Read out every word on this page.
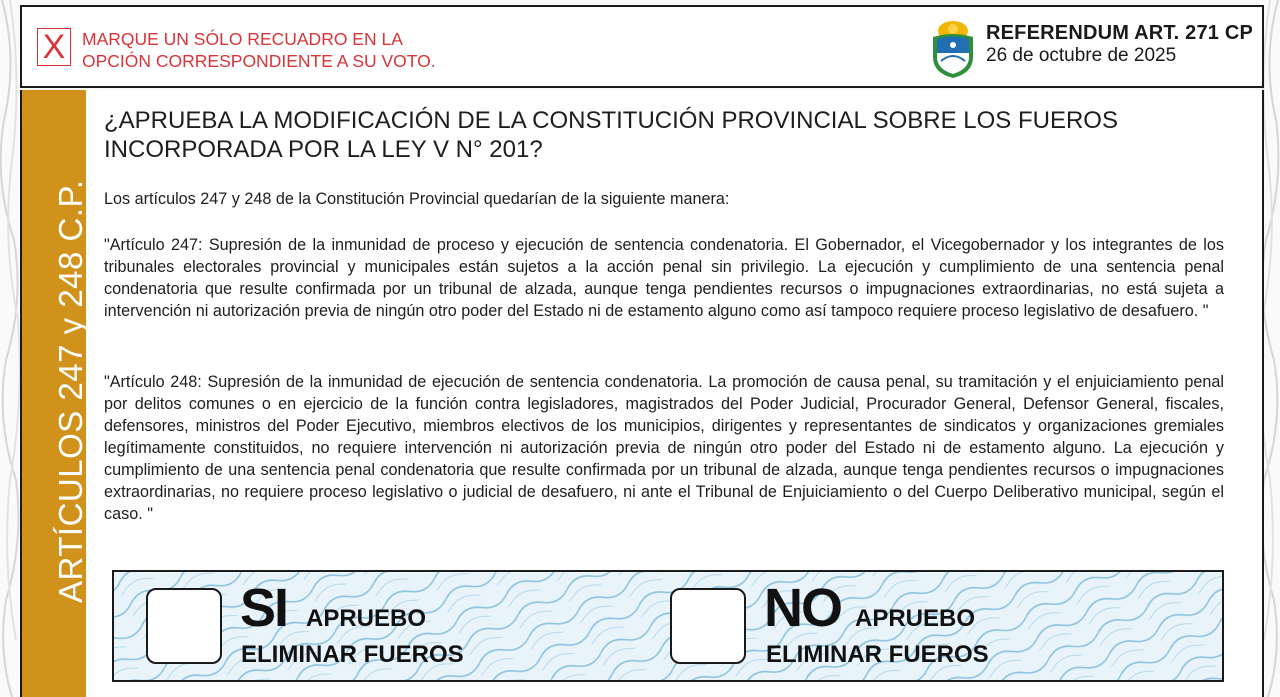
X MARQUE UN SÓLO RECUADRO EN LA
OPCIÓN CORRESPONDIENTE A SU VOTO.
REFERENDUM ART. 271 CP
26 de octubre de 2025
ARTÍCULOS 247 y 248 C.P.
¿APRUEBA LA MODIFICACIÓN DE LA CONSTITUCIÓN PROVINCIAL SOBRE LOS FUEROS
INCORPORADA POR LA LEY V N° 201?
Los artículos 247 y 248 de la Constitución Provincial quedarían de la siguiente manera:
"Artículo 247: Supresión de la inmunidad de proceso y ejecución de sentencia condenatoria. El Gobernador, el Vicegobernador y los integrantes de los tribunales electorales provincial y municipales están sujetos a la acción penal sin privilegio. La ejecución y cumplimiento de una sentencia penal condenatoria que resulte confirmada por un tribunal de alzada, aunque tenga pendientes recursos o impugnaciones extraordinarias, no está sujeta a intervención ni autorización previa de ningún otro poder del Estado ni de estamento alguno como así tampoco requiere proceso legislativo de desafuero. "
"Artículo 248: Supresión de la inmunidad de ejecución de sentencia condenatoria. La promoción de causa penal, su tramitación y el enjuiciamiento penal por delitos comunes o en ejercicio de la función contra legisladores, magistrados del Poder Judicial, Procurador General, Defensor General, fiscales, defensores, ministros del Poder Ejecutivo, miembros electivos de los municipios, dirigentes y representantes de sindicatos y organizaciones gremiales legítimamente constituidos, no requiere intervención ni autorización previa de ningún otro poder del Estado ni de estamento alguno. La ejecución y cumplimiento de una sentencia penal condenatoria que resulte confirmada por un tribunal de alzada, aunque tenga pendientes recursos o impugnaciones extraordinarias, no requiere proceso legislativo o judicial de desafuero, ni ante el Tribunal de Enjuiciamiento o del Cuerpo Deliberativo municipal, según el caso. "
SI APRUEBO
ELIMINAR FUEROS
NO APRUEBO
ELIMINAR FUEROS
